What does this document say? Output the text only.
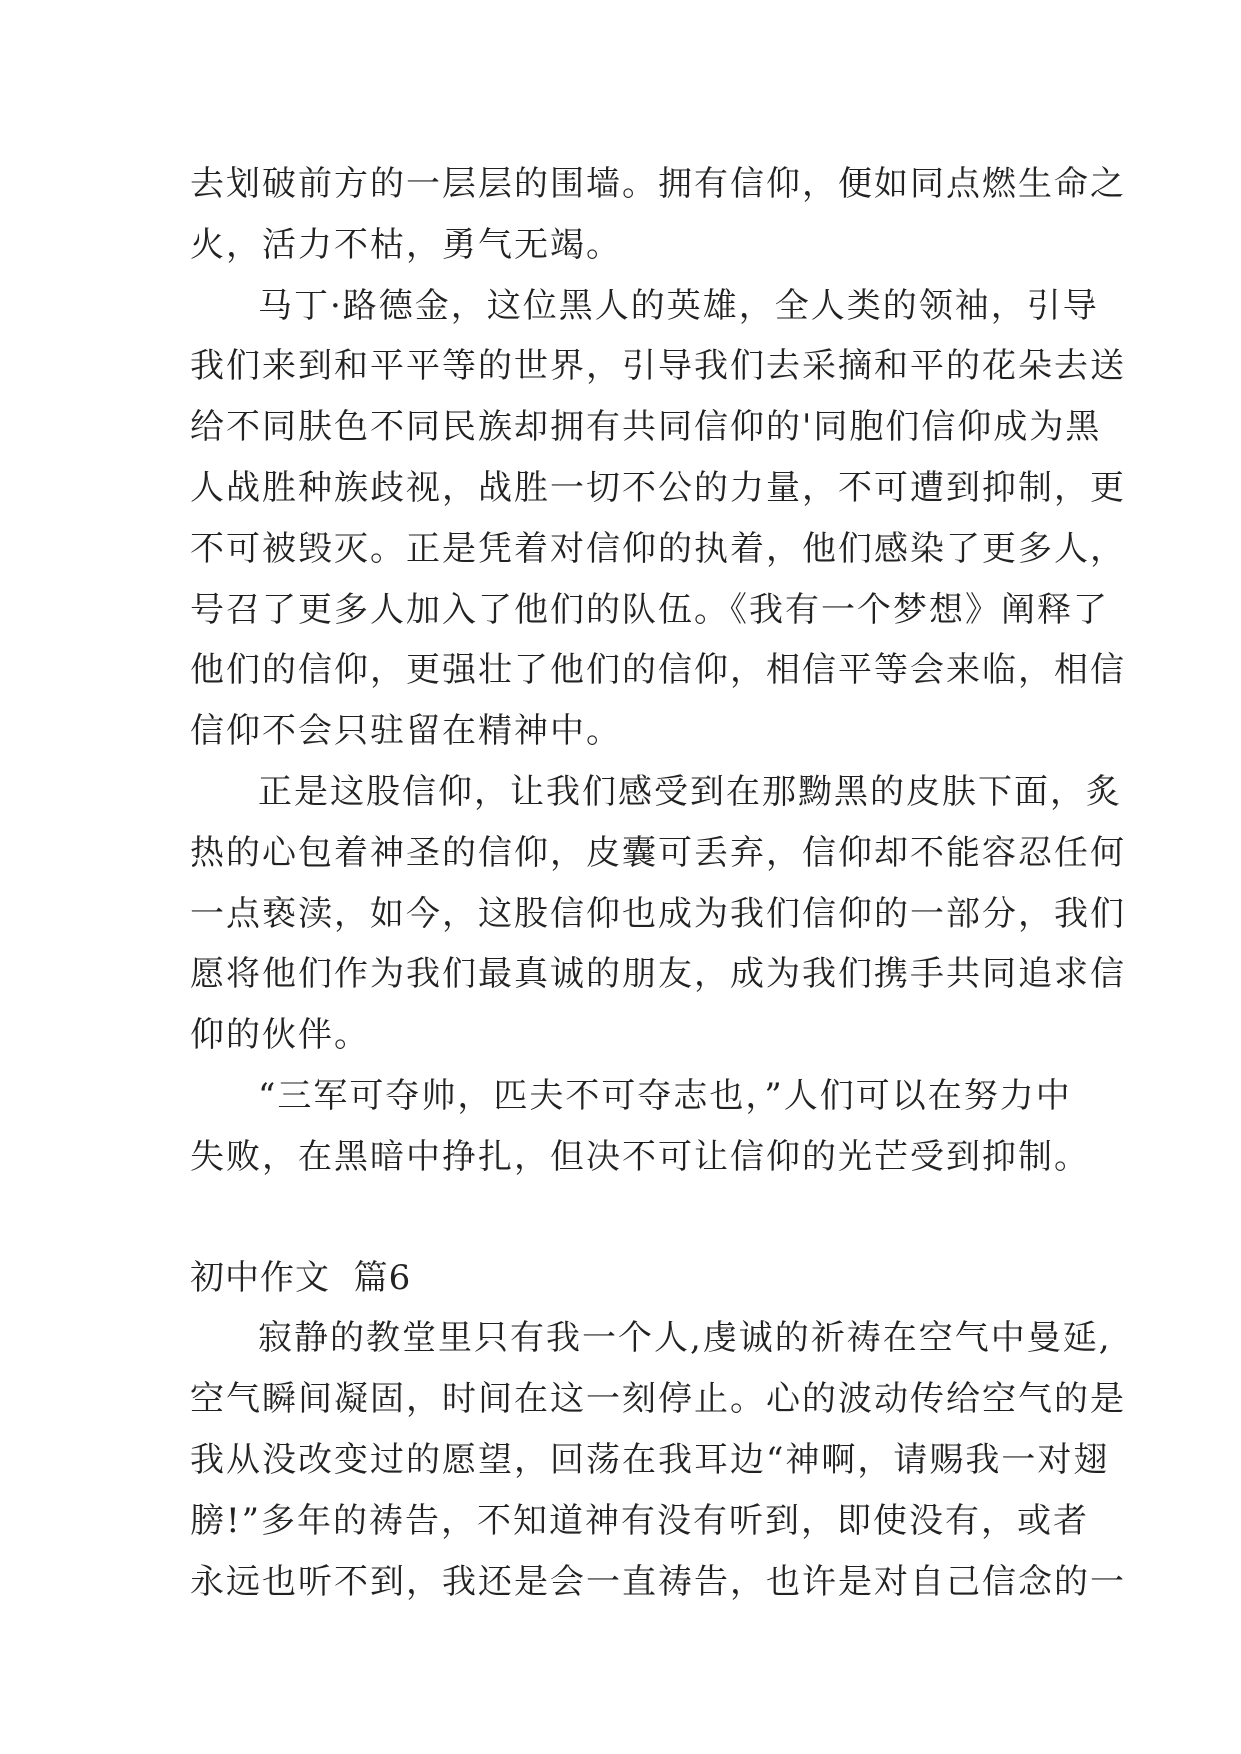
去划破前方的一层层的围墙。拥有信仰，便如同点燃生命之
火，活力不枯，勇气无竭。
马丁·路德金，这位黑人的英雄，全人类的领袖，引导
我们来到和平平等的世界，引导我们去采摘和平的花朵去送
给不同肤色不同民族却拥有共同信仰的'同胞们信仰成为黑
人战胜种族歧视，战胜一切不公的力量，不可遭到抑制，更
不可被毁灭。正是凭着对信仰的执着，他们感染了更多人，
号召了更多人加入了他们的队伍。《我有一个梦想》阐释了
他们的信仰，更强壮了他们的信仰，相信平等会来临，相信
信仰不会只驻留在精神中。
正是这股信仰，让我们感受到在那黝黑的皮肤下面，炙
热的心包着神圣的信仰，皮囊可丢弃，信仰却不能容忍任何
一点亵渎，如今，这股信仰也成为我们信仰的一部分，我们
愿将他们作为我们最真诚的朋友，成为我们携手共同追求信
仰的伙伴。
“三军可夺帅，匹夫不可夺志也，”人们可以在努力中
失败，在黑暗中挣扎，但决不可让信仰的光芒受到抑制。
初中作文  篇6
寂静的教堂里只有我一个人,虔诚的祈祷在空气中曼延,
空气瞬间凝固，时间在这一刻停止。心的波动传给空气的是
我从没改变过的愿望，回荡在我耳边“神啊，请赐我一对翅
膀!”多年的祷告，不知道神有没有听到，即使没有，或者
永远也听不到，我还是会一直祷告，也许是对自己信念的一
